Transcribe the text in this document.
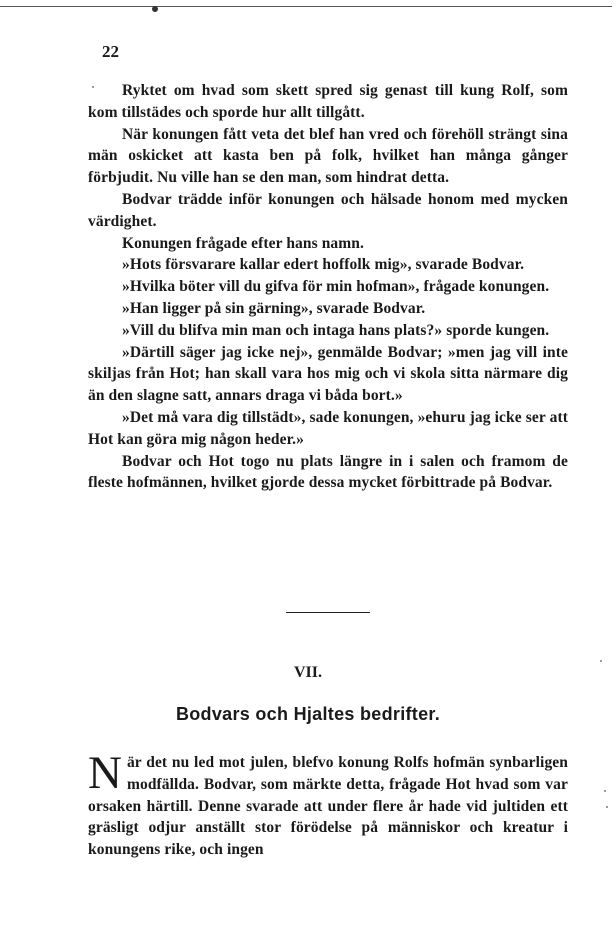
22

Ryktet om hvad som skett spred sig genast till kung Rolf, som kom tillstädes och sporde hur allt tillgått.

När konungen fått veta det blef han vred och förehöll strängt sina män oskicket att kasta ben på folk, hvilket han många gånger förbjudit. Nu ville han se den man, som hindrat detta.

Bodvar trädde inför konungen och hälsade honom med mycken värdighet.

Konungen frågade efter hans namn.

»Hots försvarare kallar edert hoffolk mig», svarade Bodvar.

»Hvilka böter vill du gifva för min hofman», frågade konungen.

»Han ligger på sin gärning», svarade Bodvar.

»Vill du blifva min man och intaga hans plats?» sporde kungen.

»Därtill säger jag icke nej», genmälde Bodvar; »men jag vill inte skiljas från Hot; han skall vara hos mig och vi skola sitta närmare dig än den slagne satt, annars draga vi båda bort.»

»Det må vara dig tillstädt», sade konungen, »ehuru jag icke ser att Hot kan göra mig någon heder.»

Bodvar och Hot togo nu plats längre in i salen och framom de fleste hofmännen, hvilket gjorde dessa mycket förbittrade på Bodvar.

VII.
Bodvars och Hjaltes bedrifter.
N är det nu led mot julen, blefvo konung Rolfs hofmän synbarligen modfällda. Bodvar, som märkte detta, frågade Hot hvad som var orsaken härtill. Denne svarade att under flere år hade vid jultiden ett gräsligt odjur anställt stor förödelse på människor och kreatur i konungens rike, och ingen
